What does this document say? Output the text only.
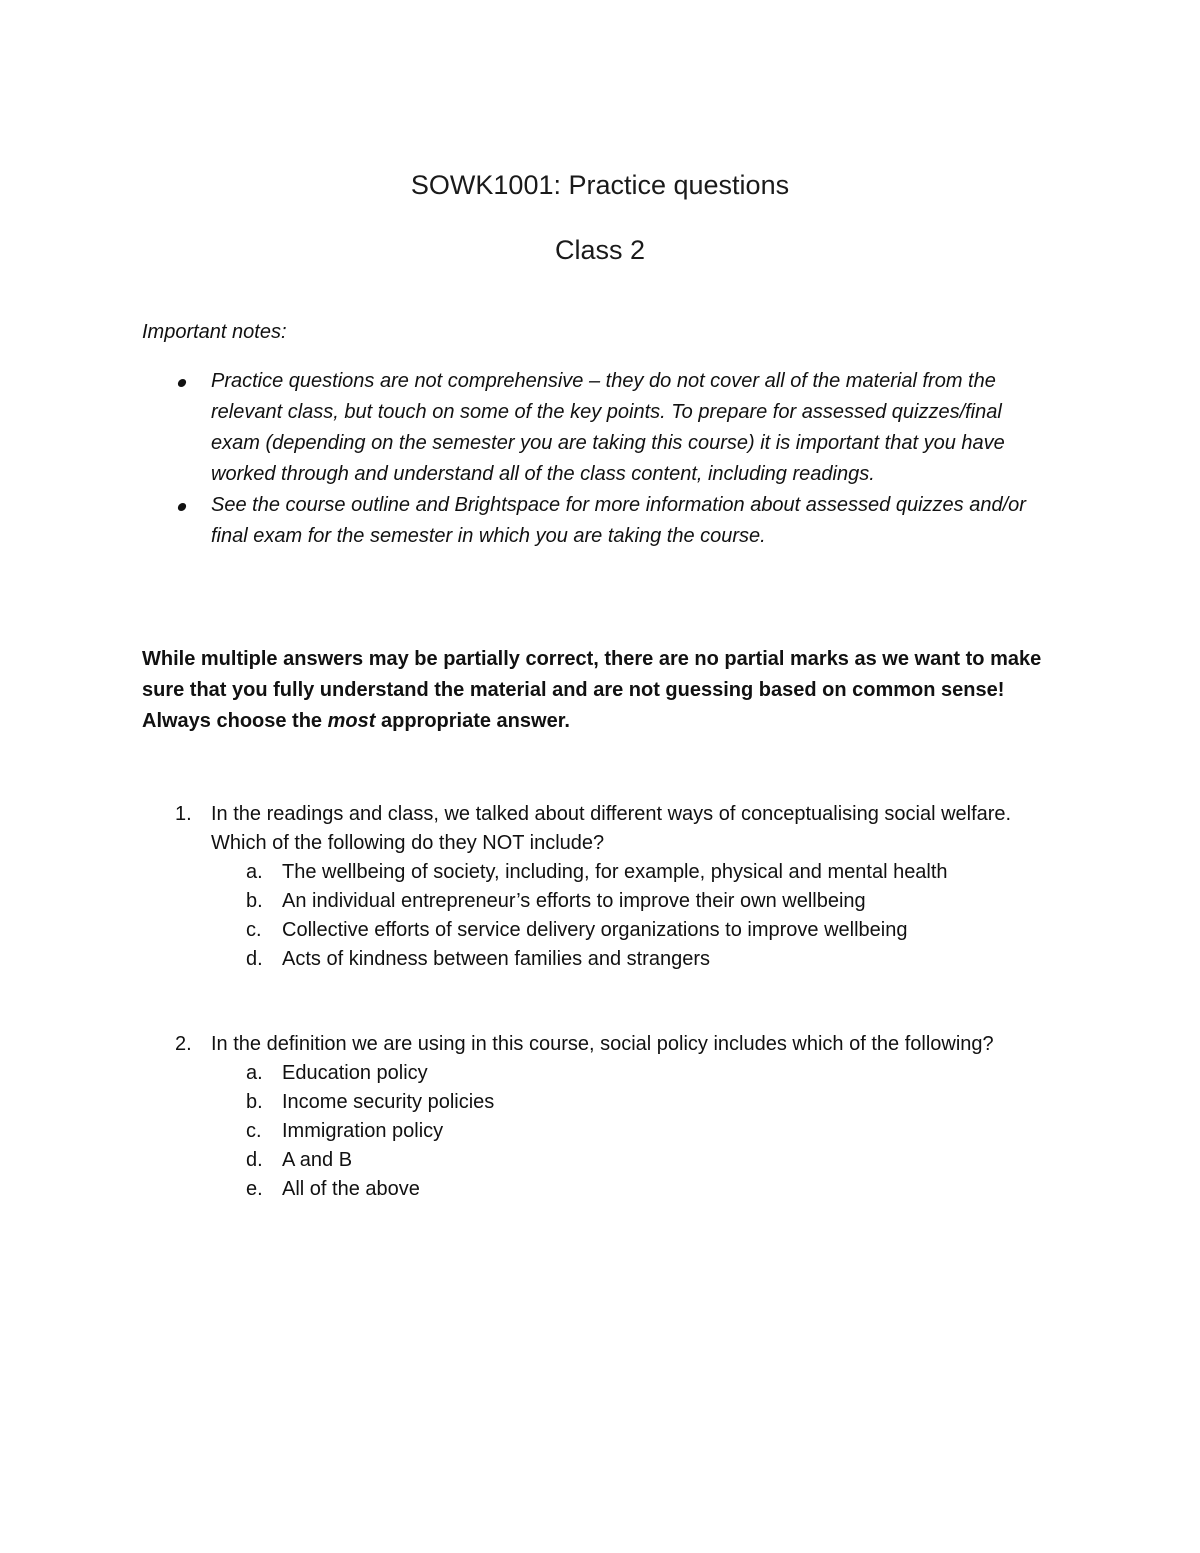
SOWK1001: Practice questions
Class 2
Important notes:
Practice questions are not comprehensive – they do not cover all of the material from the relevant class, but touch on some of the key points. To prepare for assessed quizzes/final exam (depending on the semester you are taking this course) it is important that you have worked through and understand all of the class content, including readings.
See the course outline and Brightspace for more information about assessed quizzes and/or final exam for the semester in which you are taking the course.
While multiple answers may be partially correct, there are no partial marks as we want to make sure that you fully understand the material and are not guessing based on common sense! Always choose the most appropriate answer.
1. In the readings and class, we talked about different ways of conceptualising social welfare. Which of the following do they NOT include?
a. The wellbeing of society, including, for example, physical and mental health
b. An individual entrepreneur’s efforts to improve their own wellbeing
c. Collective efforts of service delivery organizations to improve wellbeing
d. Acts of kindness between families and strangers
2. In the definition we are using in this course, social policy includes which of the following?
a. Education policy
b. Income security policies
c. Immigration policy
d. A and B
e. All of the above
